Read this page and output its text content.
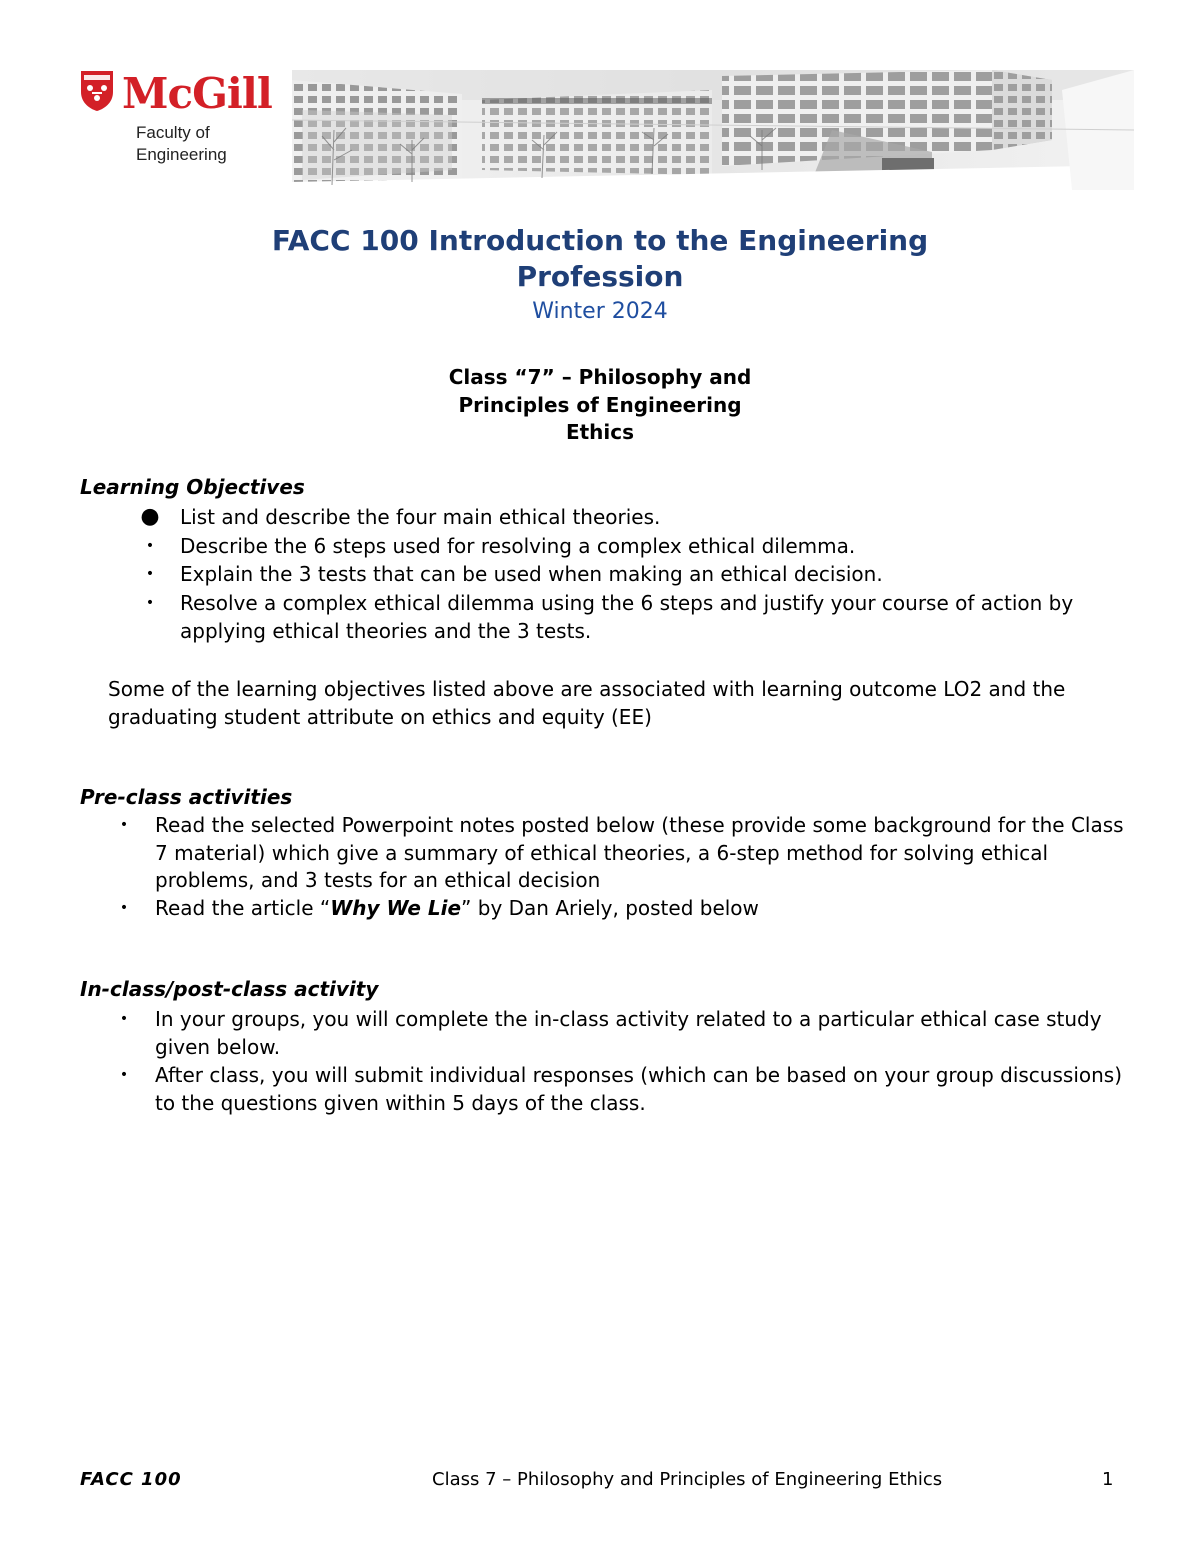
McGill
Faculty of
Engineering
FACC 100 Introduction to the Engineering
Profession
Winter 2024
Class “7” – Philosophy and
Principles of Engineering
Ethics
Learning Objectives
● List and describe the four main ethical theories.
• Describe the 6 steps used for resolving a complex ethical dilemma.
• Explain the 3 tests that can be used when making an ethical decision.
• Resolve a complex ethical dilemma using the 6 steps and justify your course of action by applying ethical theories and the 3 tests.
Some of the learning objectives listed above are associated with learning outcome LO2 and the graduating student attribute on ethics and equity (EE)
Pre-class activities
• Read the selected Powerpoint notes posted below (these provide some background for the Class 7 material) which give a summary of ethical theories, a 6-step method for solving ethical problems, and 3 tests for an ethical decision
• Read the article “Why We Lie” by Dan Ariely, posted below
In-class/post-class activity
• In your groups, you will complete the in-class activity related to a particular ethical case study given below.
• After class, you will submit individual responses (which can be based on your group discussions) to the questions given within 5 days of the class.
FACC 100	Class 7 – Philosophy and Principles of Engineering Ethics	1
